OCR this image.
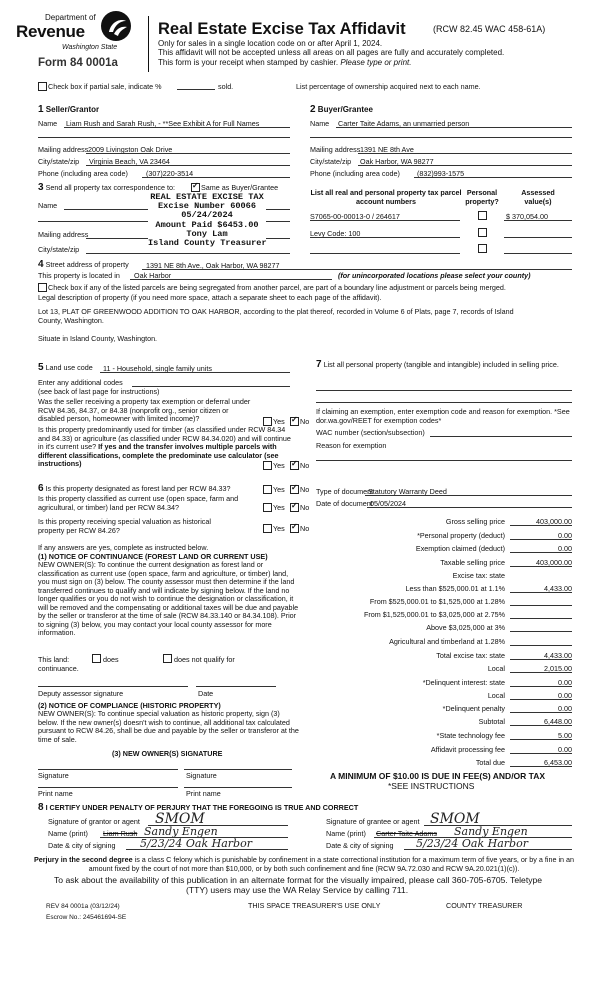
Department of
Revenue
Washington State
Form 84 0001a
Real Estate Excise Tax Affidavit	(RCW 82.45 WAC 458-61A)
Only for sales in a single location code on or after April 1, 2024.
This affidavit will not be accepted unless all areas on all pages are fully and accurately completed.
This form is your receipt when stamped by cashier. Please type or print.
Check box if partial sale, indicate %	sold.	List percentage of ownership acquired next to each name.
1 Seller/Grantor
Name Liam Rush and Sarah Rush, - **See Exhibit A for Full Names
Mailing address 2009 Livingston Oak Drive
City/state/zip Virginia Beach, VA 23464
Phone (including area code)	(307)220-3514
2 Buyer/Grantee
Name Carter Taite Adams, an unmarried person
Mailing address 1391 NE 8th Ave
City/state/zip Oak Harbor, WA 98277
Phone (including area code) (832)993-1575
3 Send all property tax correspondence to: ✓	Same as Buyer/Grantee
Name
Mailing address
City/state/zip
REAL ESTATE EXCISE TAX
Excise Number 60066
05/24/2024
Amount Paid $6453.00
Tony Lam
Island County Treasurer
List all real and personal property tax parcel account numbers
Personal property?
Assessed value(s)
S7065-00-00013-0 / 264617	$ 370,054.00
Levy Code: 100
4 Street address of property 1391 NE 8th Ave., Oak Harbor, WA 98277
This property is located in Oak Harbor	(for unincorporated locations please select your county)
Check box if any of the listed parcels are being segregated from another parcel, are part of a boundary line adjustment or parcels being merged.
Legal description of property (if you need more space, attach a separate sheet to each page of the affidavit).
Lot 13, PLAT OF GREENWOOD ADDITION TO OAK HARBOR, according to the plat thereof, recorded in Volume 6 of Plats, page 7, records of Island
County, Washington.
Situate in Island County, Washington.
5 Land use code 11 - Household, single family units
Enter any additional codes
(see back of last page for instructions)
Was the seller receiving a property tax exemption or deferral under RCW 84.36, 84.37, or 84.38 (nonprofit org., senior citizen or disabled person, homeowner with limited income)?	Yes ✓ No
Is this property predominantly used for timber (as classified under RCW 84.34 and 84.33) or agriculture (as classified under RCW 84.34.020) and will continue in it's current use? If yes and the transfer involves multiple parcels with different classifications, complete the predominate use calculator (see instructions)	Yes ✓ No
7 List all personal property (tangible and intangible) included in selling price.
If claiming an exemption, enter exemption code and reason for exemption. *See dor.wa.gov/REET for exemption codes*
WAC number (section/subsection)
Reason for exemption
6 Is this property designated as forest land per RCW 84.33?	Yes ✓ No
Is this property classified as current use (open space, farm and agricultural, or timber) land per RCW 84.34?	Yes ✓ No
Is this property receiving special valuation as historical property per RCW 84.26?	Yes ✓ No
If any answers are yes, complete as instructed below.
(1) NOTICE OF CONTINUANCE (FOREST LAND OR CURRENT USE)
NEW OWNER(S): To continue the current designation as forest land or classification as current use (open space, farm and agriculture, or timber) land, you must sign on (3) below. The county assessor must then determine if the land transferred continues to qualify and will indicate by signing below. If the land no longer qualifies or you do not wish to continue the designation or classification, it will be removed and the compensating or additional taxes will be due and payable by the seller or transferor at the time of sale (RCW 84.33.140 or 84.34.108). Prior to signing (3) below, you may contact your local county assessor for more information.
This land:	does	does not qualify for
continuance.
Deputy assessor signature	Date
(2) NOTICE OF COMPLIANCE (HISTORIC PROPERTY)
NEW OWNER(S): To continue special valuation as historic property, sign (3) below. If the new owner(s) doesn't wish to continue, all additional tax calculated pursuant to RCW 84.26, shall be due and payable by the seller or transferor at the time of sale.
(3) NEW OWNER(S) SIGNATURE
Signature	Signature
Print name	Print name
Type of document
Statutory Warranty Deed
Date of document
05/05/2024
Gross selling price	403,000.00
*Personal property (deduct)	0.00
Exemption claimed (deduct)	0.00
Taxable selling price	403,000.00
Excise tax: state
Less than $525,000.01 at 1.1%	4,433.00
From $525,000.01 to $1,525,000 at 1.28%
From $1,525,000.01 to $3,025,000 at 2.75%
Above $3,025,000 at 3%
Agricultural and timberland at 1.28%
Total excise tax: state	4,433.00
Local	2,015.00
*Delinquent interest: state	0.00
Local	0.00
*Delinquent penalty	0.00
Subtotal	6,448.00
*State technology fee	5.00
Affidavit processing fee	0.00
Total due	6,453.00
A MINIMUM OF $10.00 IS DUE IN FEE(S) AND/OR TAX
*SEE INSTRUCTIONS
8 I CERTIFY UNDER PENALTY OF PERJURY THAT THE FOREGOING IS TRUE AND CORRECT
Signature of grantor or agent SMOM
Name (print) Liam Rush Sandy Engen
Date & city of signing 5/23/24 Oak Harbor
Signature of grantee or agent SMOM
Name (print) Carter Taite Adams Sandy Engen
Date & city of signing 5/23/24 Oak Harbor
Perjury in the second degree is a class C felony which is punishable by confinement in a state correctional institution for a maximum term of five years, or by a fine in an amount fixed by the court of not more than $10,000, or by both such confinement and fine (RCW 9A.72.030 and RCW 9A.20.021(1)(c)).
To ask about the availability of this publication in an alternate format for the visually impaired, please call 360-705-6705. Teletype
(TTY) users may use the WA Relay Service by calling 711.
REV 84 0001a (03/12/24)	THIS SPACE TREASURER'S USE ONLY	COUNTY TREASURER
Escrow No.: 245461694-SE
